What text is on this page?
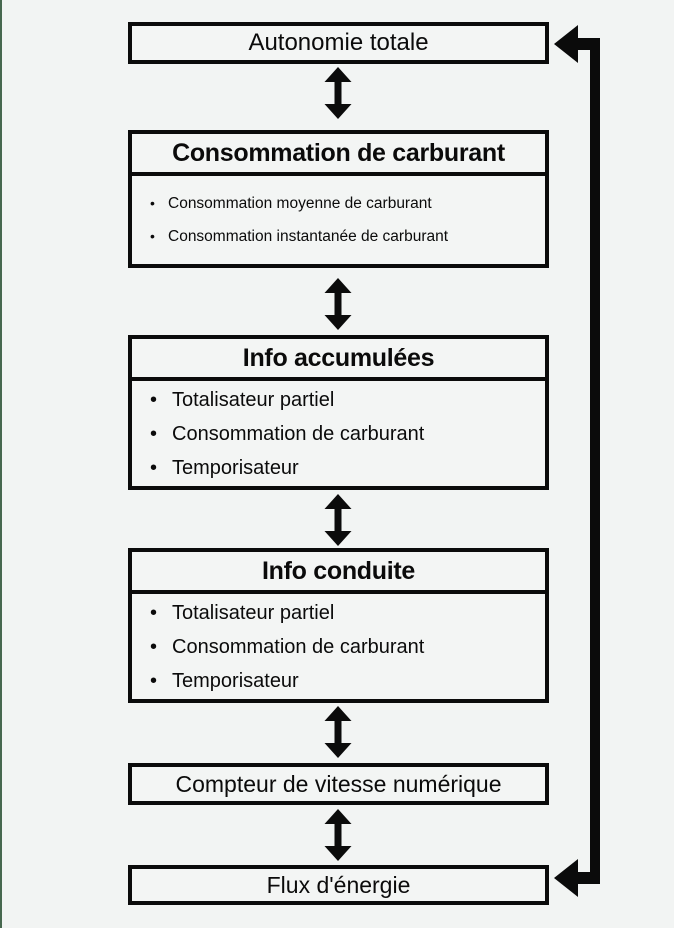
Autonomie totale
Consommation de carburant
• Consommation moyenne de carburant
• Consommation instantanée de carburant
Info accumulées
• Totalisateur partiel
• Consommation de carburant
• Temporisateur
Info conduite
• Totalisateur partiel
• Consommation de carburant
• Temporisateur
Compteur de vitesse numérique
Flux d'énergie
